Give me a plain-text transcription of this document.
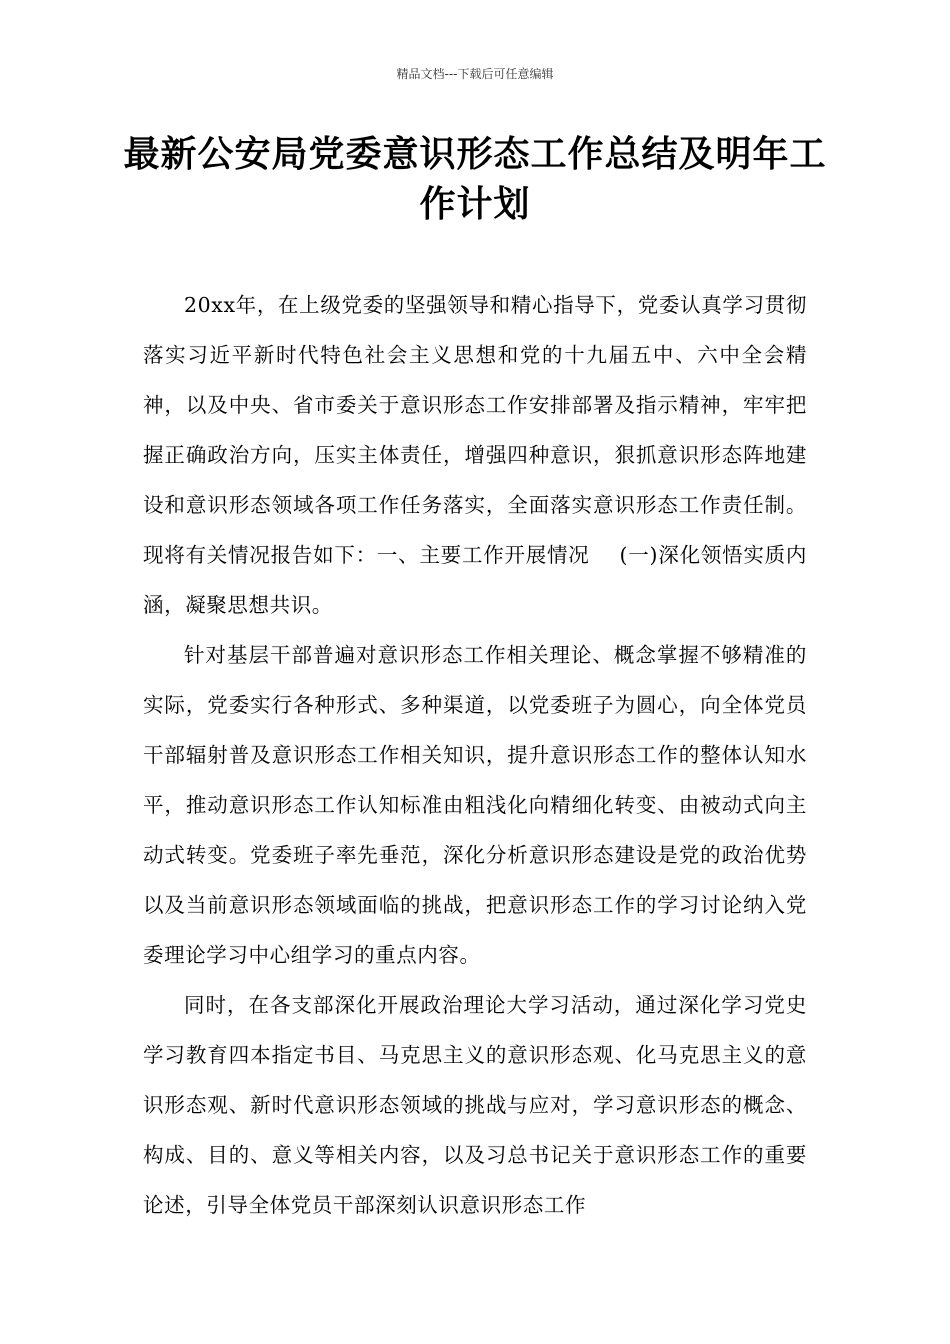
精品文档---下载后可任意编辑
最新公安局党委意识形态工作总结及明年工作计划

20xx年，在上级党委的坚强领导和精心指导下，党委认真学习贯彻落实习近平新时代特色社会主义思想和党的十九届五中、六中全会精神，以及中央、省市委关于意识形态工作安排部署及指示精神，牢牢把握正确政治方向，压实主体责任，增强四种意识，狠抓意识形态阵地建设和意识形态领域各项工作任务落实，全面落实意识形态工作责任制。现将有关情况报告如下：一、主要工作开展情况 (一)深化领悟实质内涵，凝聚思想共识。

针对基层干部普遍对意识形态工作相关理论、概念掌握不够精准的实际，党委实行各种形式、多种渠道，以党委班子为圆心，向全体党员干部辐射普及意识形态工作相关知识，提升意识形态工作的整体认知水平，推动意识形态工作认知标准由粗浅化向精细化转变、由被动式向主动式转变。党委班子率先垂范，深化分析意识形态建设是党的政治优势以及当前意识形态领域面临的挑战，把意识形态工作的学习讨论纳入党委理论学习中心组学习的重点内容。

同时，在各支部深化开展政治理论大学习活动，通过深化学习党史学习教育四本指定书目、马克思主义的意识形态观、化马克思主义的意识形态观、新时代意识形态领域的挑战与应对，学习意识形态的概念、构成、目的、意义等相关内容，以及习总书记关于意识形态工作的重要论述，引导全体党员干部深刻认识意识形态工作
